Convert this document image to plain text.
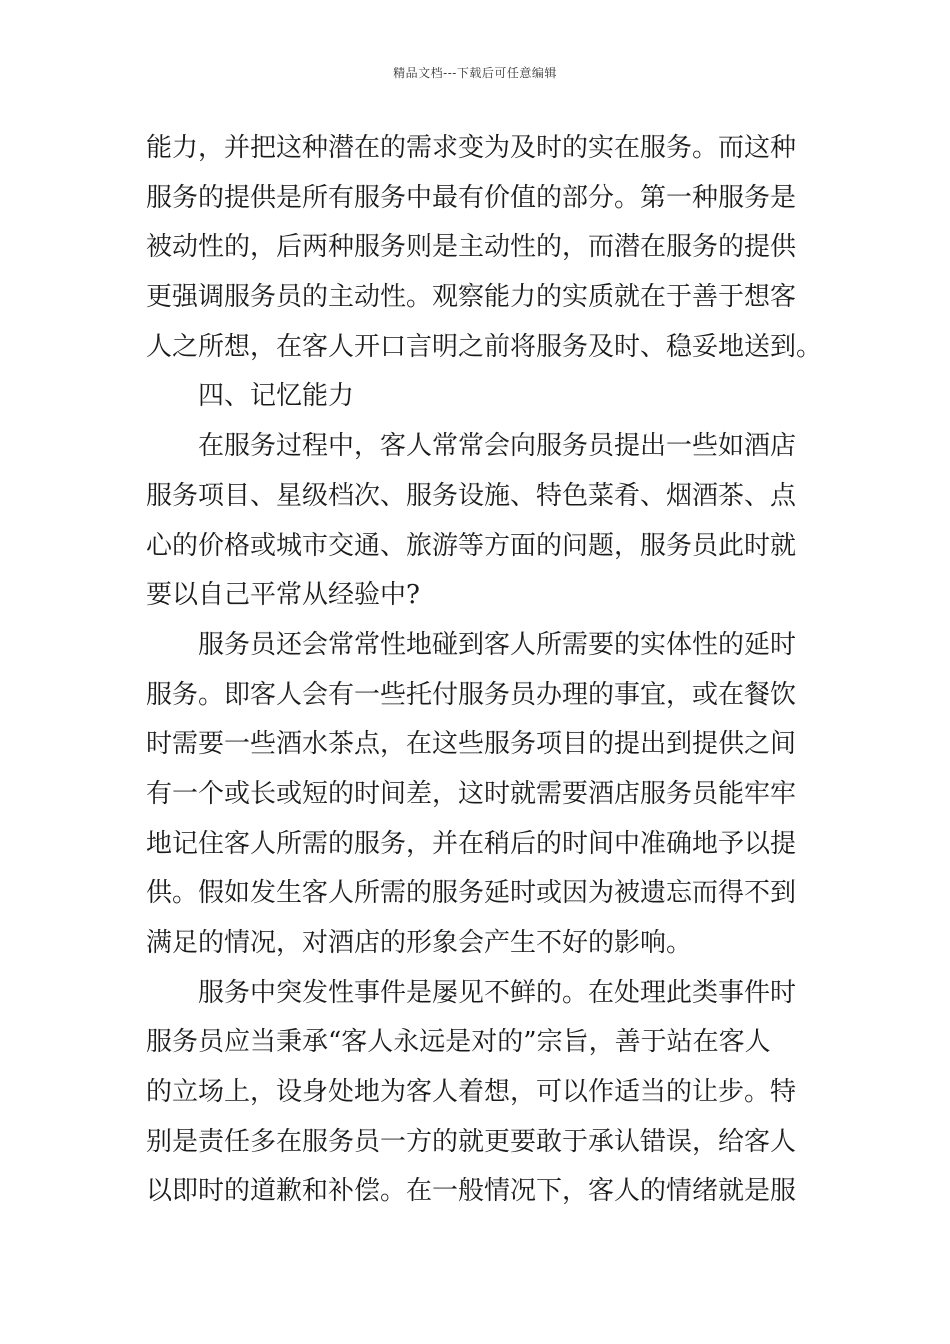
精品文档---下载后可任意编辑
能力，并把这种潜在的需求变为及时的实在服务。而这种
服务的提供是所有服务中最有价值的部分。第一种服务是
被动性的，后两种服务则是主动性的，而潜在服务的提供
更强调服务员的主动性。观察能力的实质就在于善于想客
人之所想，在客人开口言明之前将服务及时、稳妥地送到。
四、记忆能力
在服务过程中，客人常常会向服务员提出一些如酒店
服务项目、星级档次、服务设施、特色菜肴、烟酒茶、点
心的价格或城市交通、旅游等方面的问题，服务员此时就
要以自己平常从经验中?
服务员还会常常性地碰到客人所需要的实体性的延时
服务。即客人会有一些托付服务员办理的事宜，或在餐饮
时需要一些酒水茶点，在这些服务项目的提出到提供之间
有一个或长或短的时间差，这时就需要酒店服务员能牢牢
地记住客人所需的服务，并在稍后的时间中准确地予以提
供。假如发生客人所需的服务延时或因为被遗忘而得不到
满足的情况，对酒店的形象会产生不好的影响。
服务中突发性事件是屡见不鲜的。在处理此类事件时
服务员应当秉承“客人永远是对的”宗旨，善于站在客人
的立场上，设身处地为客人着想，可以作适当的让步。特
别是责任多在服务员一方的就更要敢于承认错误，给客人
以即时的道歉和补偿。在一般情况下，客人的情绪就是服
